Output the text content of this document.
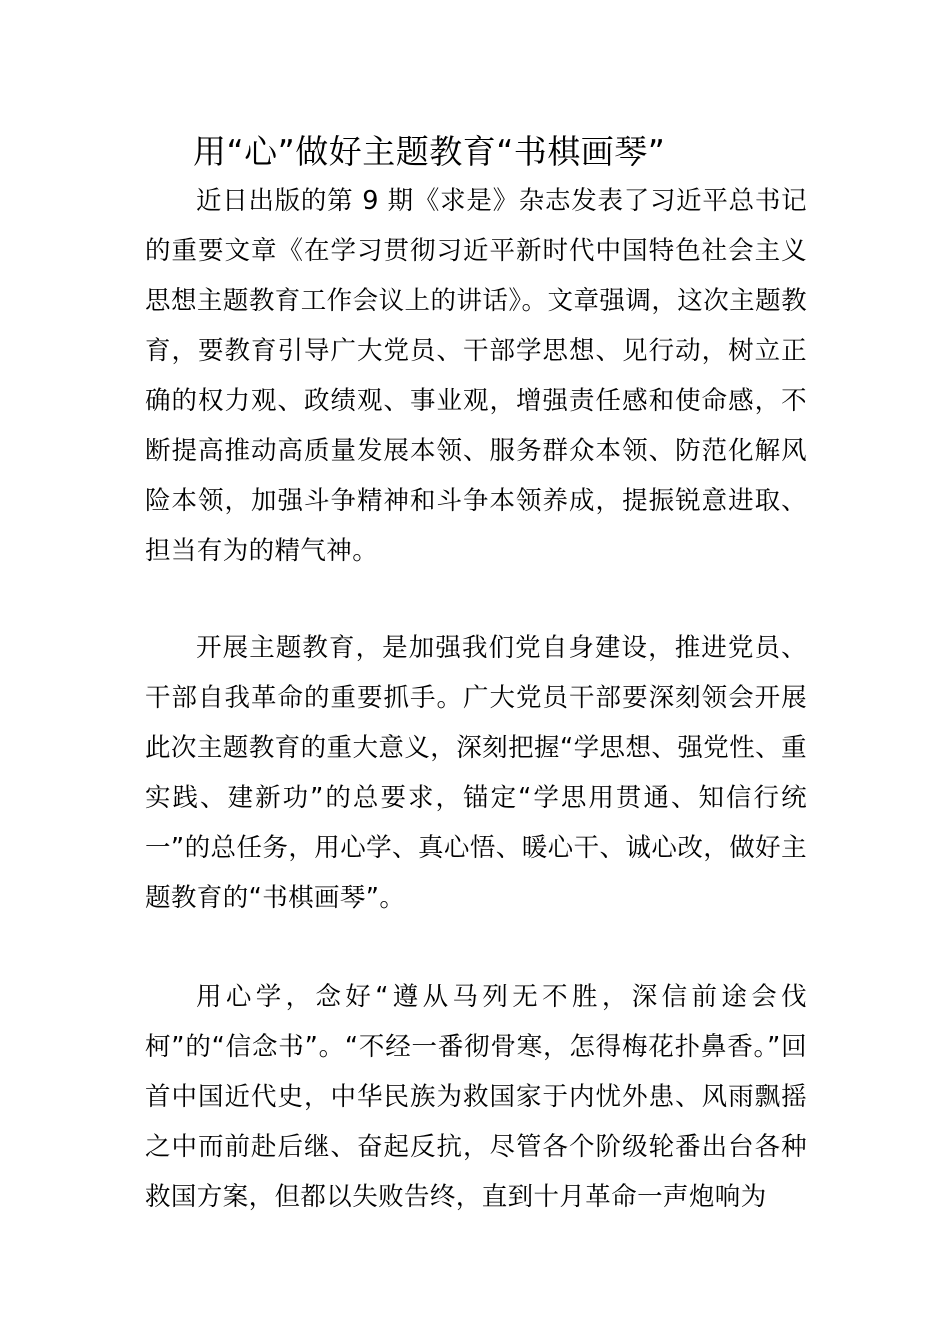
用“心”做好主题教育“书棋画琴”

近日出版的第 9 期《求是》杂志发表了习近平总书记的重要文章《在学习贯彻习近平新时代中国特色社会主义思想主题教育工作会议上的讲话》。文章强调，这次主题教育，要教育引导广大党员、干部学思想、见行动，树立正确的权力观、政绩观、事业观，增强责任感和使命感，不断提高推动高质量发展本领、服务群众本领、防范化解风险本领，加强斗争精神和斗争本领养成，提振锐意进取、担当有为的精气神。

开展主题教育，是加强我们党自身建设，推进党员、干部自我革命的重要抓手。广大党员干部要深刻领会开展此次主题教育的重大意义，深刻把握“学思想、强党性、重实践、建新功”的总要求，锚定“学思用贯通、知信行统一”的总任务，用心学、真心悟、暖心干、诚心改，做好主题教育的“书棋画琴”。

用心学，念好“遵从马列无不胜，深信前途会伐柯”的“信念书”。“不经一番彻骨寒，怎得梅花扑鼻香。”回首中国近代史，中华民族为救国家于内忧外患、风雨飘摇之中而前赴后继、奋起反抗，尽管各个阶级轮番出台各种救国方案，但都以失败告终，直到十月革命一声炮响为
